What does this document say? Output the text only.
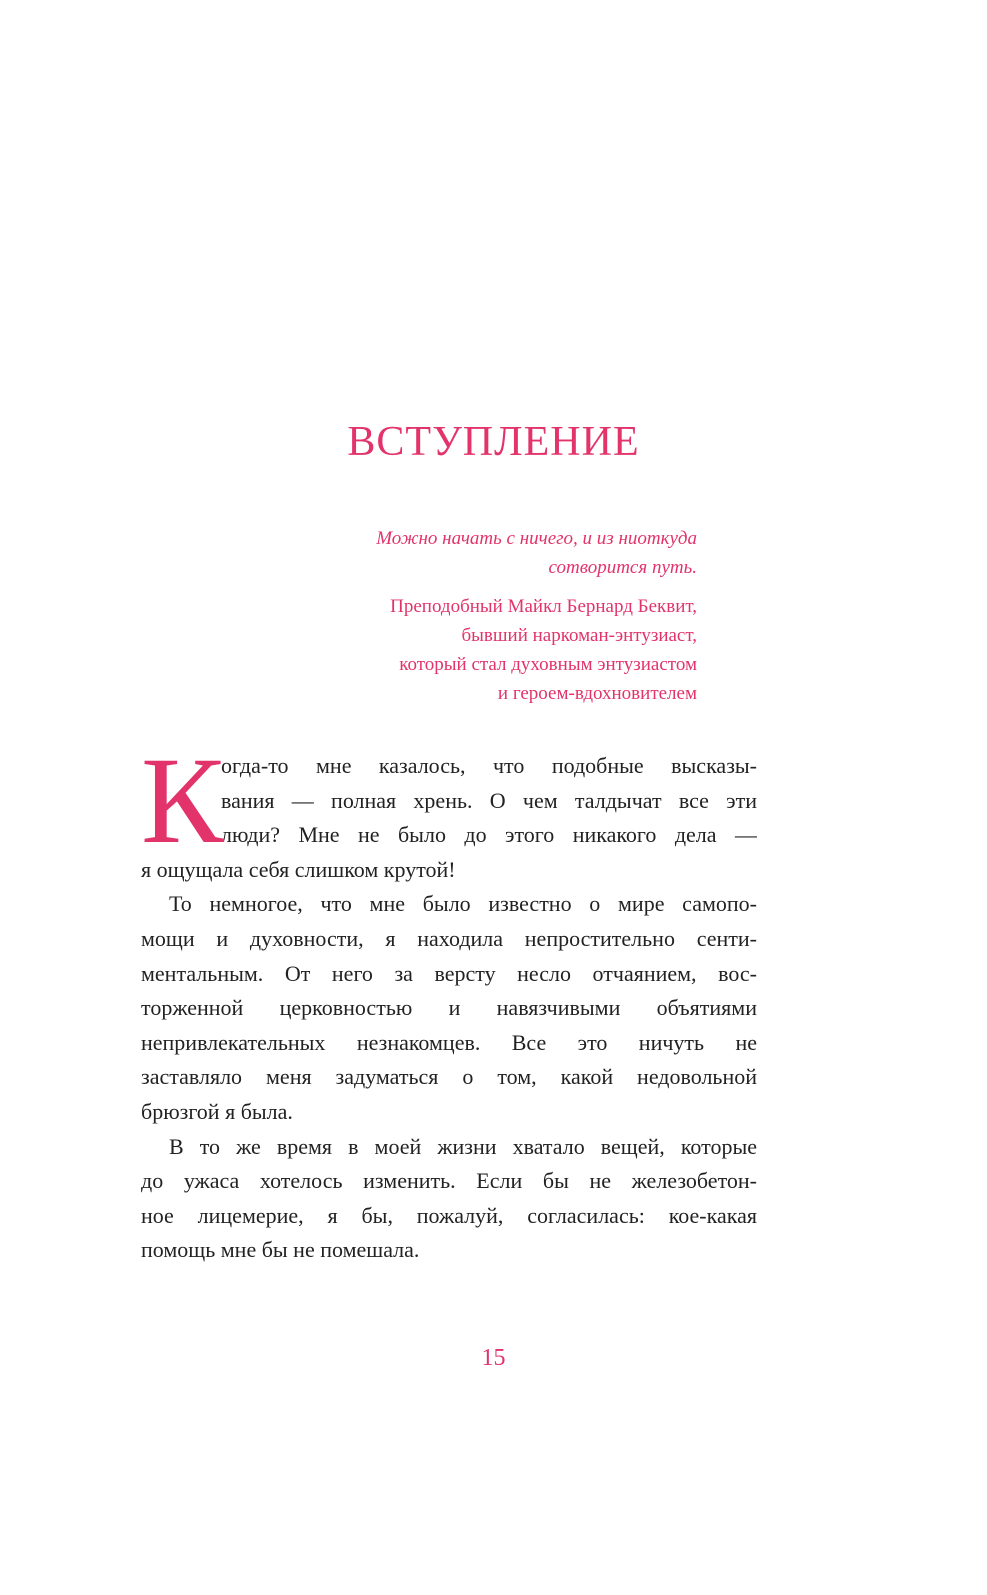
ВСТУПЛЕНИЕ

Можно начать с ничего, и из ниоткуда
сотворится путь.

Преподобный Майкл Бернард Беквит,
бывший наркоман-энтузиаст,
который стал духовным энтузиастом
и героем-вдохновителем

К
огда-то мне казалось, что подобные высказы-
вания — полная хрень. О чем талдычат все эти
люди? Мне не было до этого никакого дела —
я ощущала себя слишком крутой!
То немногое, что мне было известно о мире самопо-
мощи и духовности, я находила непростительно сенти-
ментальным. От него за версту несло отчаянием, вос-
торженной церковностью и навязчивыми объятиями
непривлекательных незнакомцев. Все это ничуть не
заставляло меня задуматься о том, какой недовольной
брюзгой я была.
В то же время в моей жизни хватало вещей, которые
до ужаса хотелось изменить. Если бы не железобетон-
ное лицемерие, я бы, пожалуй, согласилась: кое-какая
помощь мне бы не помешала.
15
